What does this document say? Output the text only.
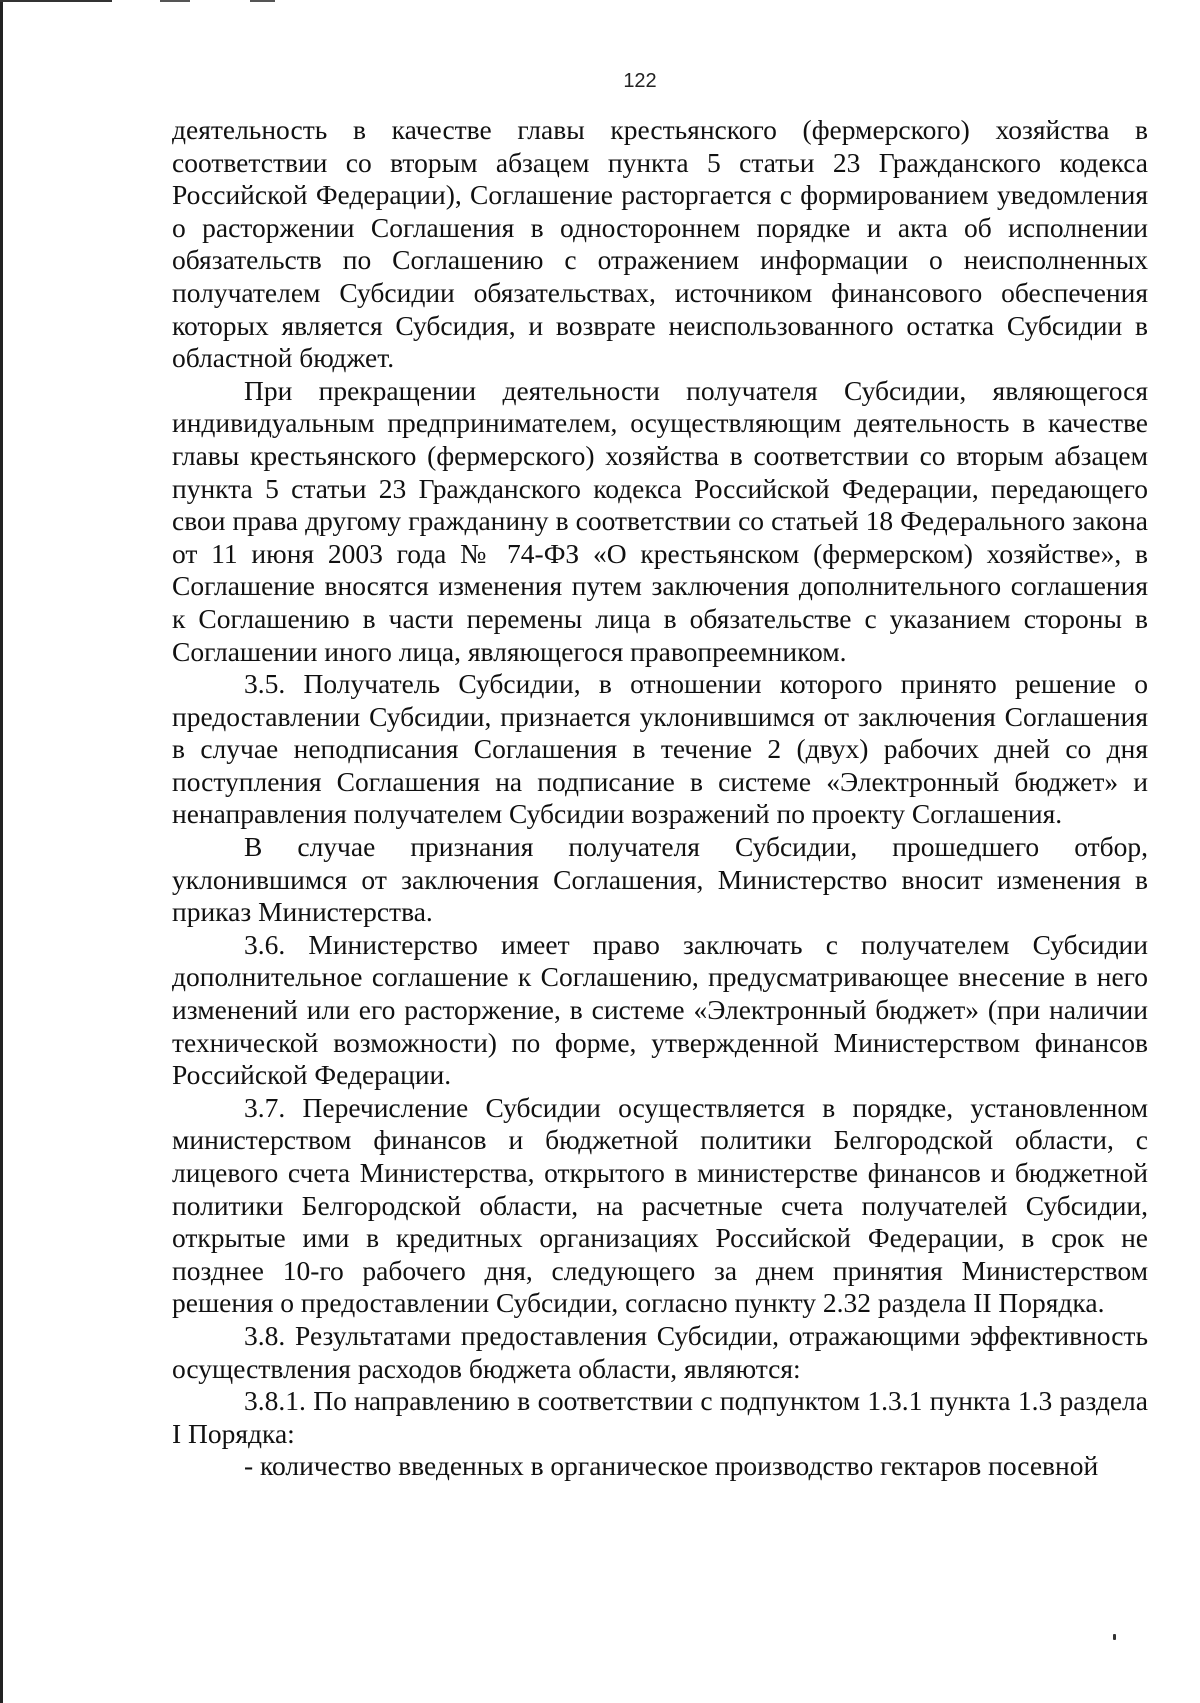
122

деятельность в качестве главы крестьянского (фермерского) хозяйства в соответствии со вторым абзацем пункта 5 статьи 23 Гражданского кодекса Российской Федерации), Соглашение расторгается с формированием уведомления о расторжении Соглашения в одностороннем порядке и акта об исполнении обязательств по Соглашению с отражением информации о неисполненных получателем Субсидии обязательствах, источником финансового обеспечения которых является Субсидия, и возврате неиспользованного остатка Субсидии в областной бюджет.

При прекращении деятельности получателя Субсидии, являющегося индивидуальным предпринимателем, осуществляющим деятельность в качестве главы крестьянского (фермерского) хозяйства в соответствии со вторым абзацем пункта 5 статьи 23 Гражданского кодекса Российской Федерации, передающего свои права другому гражданину в соответствии со статьей 18 Федерального закона от 11 июня 2003 года № 74-ФЗ «О крестьянском (фермерском) хозяйстве», в Соглашение вносятся изменения путем заключения дополнительного соглашения к Соглашению в части перемены лица в обязательстве с указанием стороны в Соглашении иного лица, являющегося правопреемником.

3.5. Получатель Субсидии, в отношении которого принято решение о предоставлении Субсидии, признается уклонившимся от заключения Соглашения в случае неподписания Соглашения в течение 2 (двух) рабочих дней со дня поступления Соглашения на подписание в системе «Электронный бюджет» и ненаправления получателем Субсидии возражений по проекту Соглашения.

В случае признания получателя Субсидии, прошедшего отбор, уклонившимся от заключения Соглашения, Министерство вносит изменения в приказ Министерства.

3.6. Министерство имеет право заключать с получателем Субсидии дополнительное соглашение к Соглашению, предусматривающее внесение в него изменений или его расторжение, в системе «Электронный бюджет» (при наличии технической возможности) по форме, утвержденной Министерством финансов Российской Федерации.

3.7. Перечисление Субсидии осуществляется в порядке, установленном министерством финансов и бюджетной политики Белгородской области, с лицевого счета Министерства, открытого в министерстве финансов и бюджетной политики Белгородской области, на расчетные счета получателей Субсидии, открытые ими в кредитных организациях Российской Федерации, в срок не позднее 10-го рабочего дня, следующего за днем принятия Министерством решения о предоставлении Субсидии, согласно пункту 2.32 раздела II Порядка.

3.8. Результатами предоставления Субсидии, отражающими эффективность осуществления расходов бюджета области, являются:

3.8.1. По направлению в соответствии с подпунктом 1.3.1 пункта 1.3 раздела I Порядка:

- количество введенных в органическое производство гектаров посевной
